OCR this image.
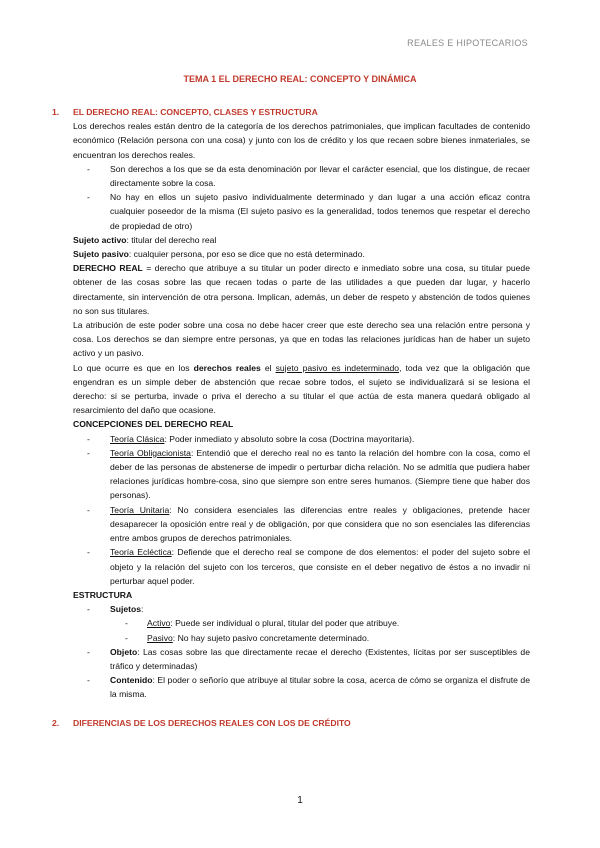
REALES E HIPOTECARIOS
TEMA 1 EL DERECHO REAL: CONCEPTO Y DINÁMICA
1.	EL DERECHO REAL: CONCEPTO, CLASES Y ESTRUCTURA

Los derechos reales están dentro de la categoría de los derechos patrimoniales, que implican facultades de contenido económico (Relación persona con una cosa) y junto con los de crédito y los que recaen sobre bienes inmateriales, se encuentran los derechos reales.

-	Son derechos a los que se da esta denominación por llevar el carácter esencial, que los distingue, de recaer directamente sobre la cosa.
-	No hay en ellos un sujeto pasivo individualmente determinado y dan lugar a una acción eficaz contra cualquier poseedor de la misma (El sujeto pasivo es la generalidad, todos tenemos que respetar el derecho de propiedad de otro)

Sujeto activo: titular del derecho real

Sujeto pasivo: cualquier persona, por eso se dice que no está determinado.

DERECHO REAL = derecho que atribuye a su titular un poder directo e inmediato sobre una cosa, su titular puede obtener de las cosas sobre las que recaen todas o parte de las utilidades a que pueden dar lugar, y hacerlo directamente, sin intervención de otra persona. Implican, además, un deber de respeto y abstención de todos quienes no son sus titulares.

La atribución de este poder sobre una cosa no debe hacer creer que este derecho sea una relación entre persona y cosa. Los derechos se dan siempre entre personas, ya que en todas las relaciones jurídicas han de haber un sujeto activo y un pasivo.

Lo que ocurre es que en los derechos reales el sujeto pasivo es indeterminado, toda vez que la obligación que engendran es un simple deber de abstención que recae sobre todos, el sujeto se individualizará si se lesiona el derecho: si se perturba, invade o priva el derecho a su titular el que actúa de esta manera quedará obligado al resarcimiento del daño que ocasione.

CONCEPCIONES DEL DERECHO REAL

-	Teoría Clásica: Poder inmediato y absoluto sobre la cosa (Doctrina mayoritaria).
-	Teoría Obligacionista: Entendió que el derecho real no es tanto la relación del hombre con la cosa, como el deber de las personas de abstenerse de impedir o perturbar dicha relación. No se admitía que pudiera haber relaciones jurídicas hombre-cosa, sino que siempre son entre seres humanos. (Siempre tiene que haber dos personas).
-	Teoría Unitaria: No considera esenciales las diferencias entre reales y obligaciones, pretende hacer desaparecer la oposición entre real y de obligación, por que considera que no son esenciales las diferencias entre ambos grupos de derechos patrimoniales.
-	Teoría Ecléctica: Defiende que el derecho real se compone de dos elementos: el poder del sujeto sobre el objeto y la relación del sujeto con los terceros, que consiste en el deber negativo de éstos a no invadir ni perturbar aquel poder.

ESTRUCTURA

-	Sujetos:
-	Activo: Puede ser individual o plural, titular del poder que atribuye.
-	Pasivo: No hay sujeto pasivo concretamente determinado.
-	Objeto: Las cosas sobre las que directamente recae el derecho (Existentes, lícitas por ser susceptibles de tráfico y determinadas)
-	Contenido: El poder o señorío que atribuye al titular sobre la cosa, acerca de cómo se organiza el disfrute de la misma.
2.	DIFERENCIAS DE LOS DERECHOS REALES CON LOS DE CRÉDITO
1
